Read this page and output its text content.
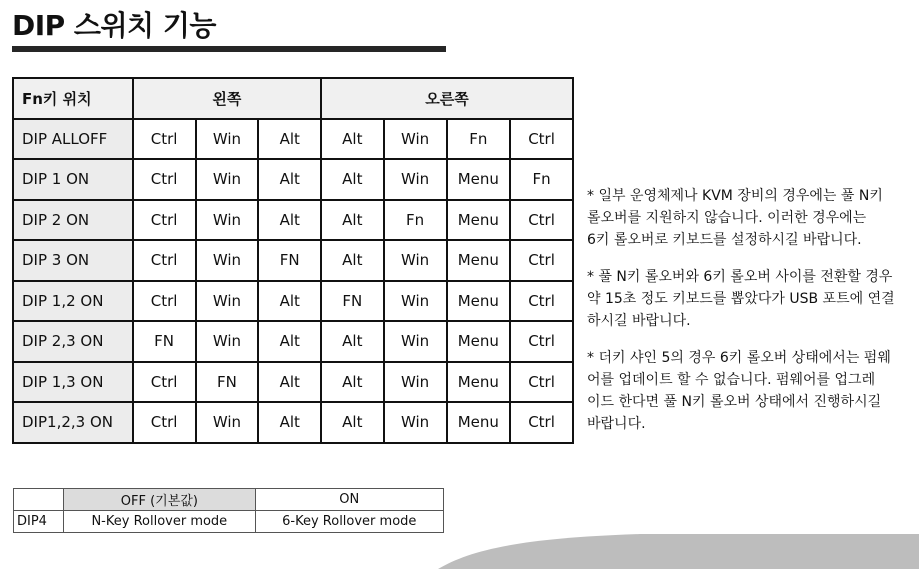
DIP 스위치 기능
Fn키 위치	왼쪽			오른쪽			
DIP ALLOFF	Ctrl	Win	Alt	Alt	Win	Fn	Ctrl
DIP 1 ON	Ctrl	Win	Alt	Alt	Win	Menu	Fn
DIP 2 ON	Ctrl	Win	Alt	Alt	Fn	Menu	Ctrl
DIP 3 ON	Ctrl	Win	FN	Alt	Win	Menu	Ctrl
DIP 1,2 ON	Ctrl	Win	Alt	FN	Win	Menu	Ctrl
DIP 2,3 ON	FN	Win	Alt	Alt	Win	Menu	Ctrl
DIP 1,3 ON	Ctrl	FN	Alt	Alt	Win	Menu	Ctrl
DIP1,2,3 ON	Ctrl	Win	Alt	Alt	Win	Menu	Ctrl

* 일부 운영체제나 KVM 장비의 경우에는 풀 N키
롤오버를 지원하지 않습니다. 이러한 경우에는
6키 롤오버로 키보드를 설정하시길 바랍니다.

* 풀 N키 롤오버와 6키 롤오버 사이를 전환할 경우
약 15초 정도 키보드를 뽑았다가 USB 포트에 연결
하시길 바랍니다.

* 더키 샤인 5의 경우 6키 롤오버 상태에서는 펌웨
어를 업데이트 할 수 없습니다. 펌웨어를 업그레
이드 한다면 풀 N키 롤오버 상태에서 진행하시길
바랍니다.

	OFF (기본값)	ON
DIP4	N-Key Rollover mode	6-Key Rollover mode
